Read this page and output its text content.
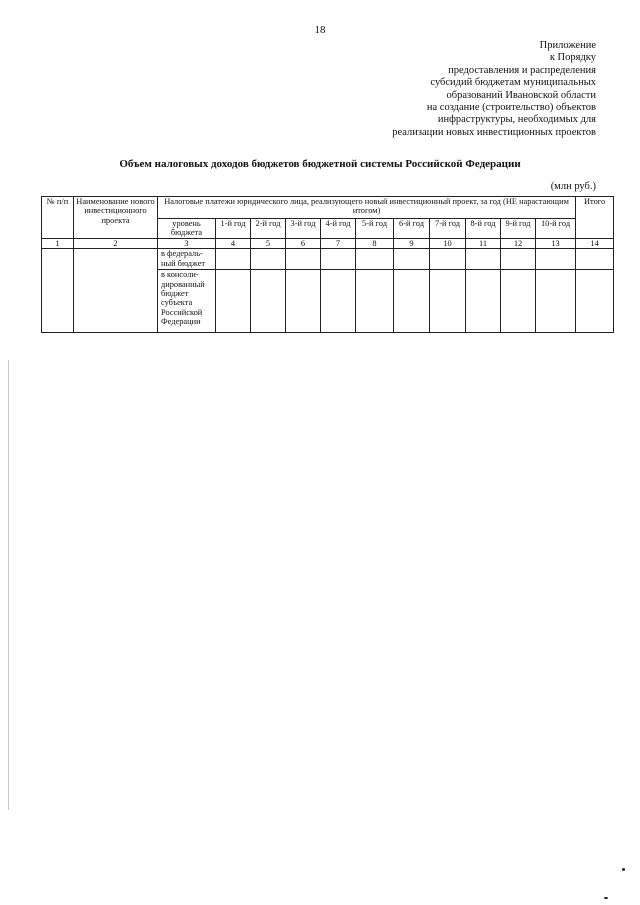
18
Приложение
к Порядку
предоставления и распределения
субсидий бюджетам муниципальных
образований Ивановской области
на создание (строительство) объектов
инфраструктуры, необходимых для
реализации новых инвестиционных проектов
Объем налоговых доходов бюджетов бюджетной системы Российской Федерации
(млн руб.)
№ п/п	Наименование нового инвестиционного проекта	Налоговые платежи юридического лица, реализующего новый инвестиционный проект, за год (НЕ нарастающим итогом)											Итого
		уровень бюджета	1-й год	2-й год	3-й год	4-й год	5-й год	6-й год	7-й год	8-й год	9-й год	10-й год	
1	2	3	4	5	6	7	8	9	10	11	12	13	14
		в федераль-ный бюджет											
		в консоли-дированный бюджет субъекта Российской Федерации											
